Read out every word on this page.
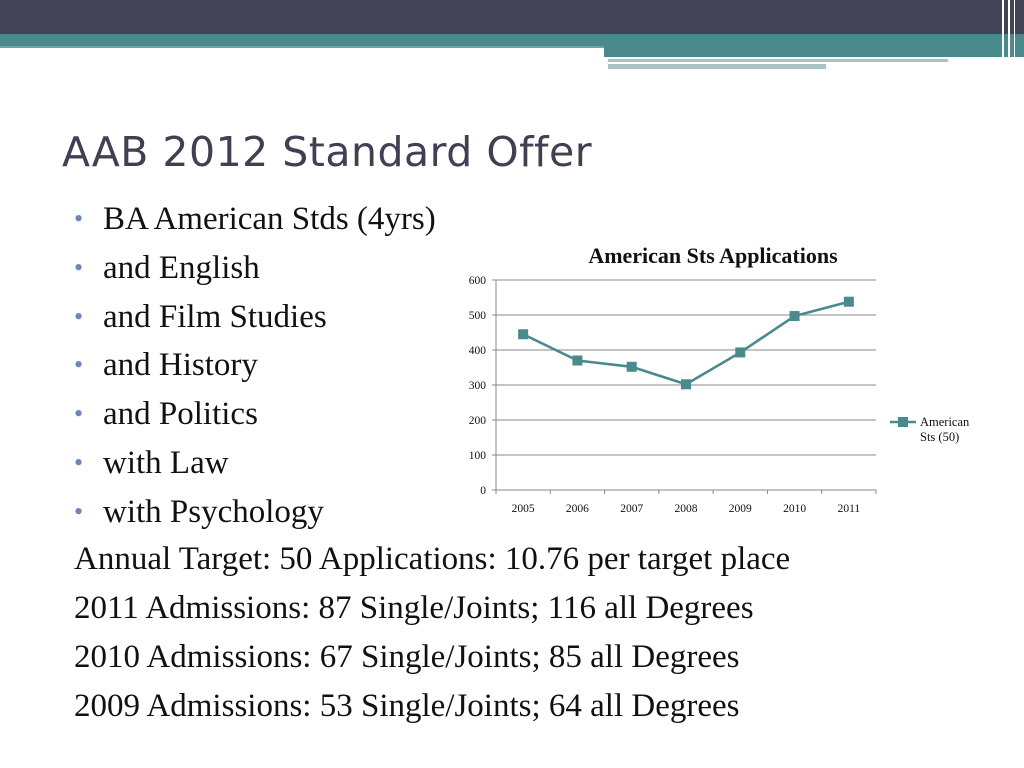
AAB 2012 Standard Offer
• BA American Stds (4yrs)
• and English
• and Film Studies
• and History
• and Politics
• with Law
• with Psychology
Annual Target: 50 Applications: 10.76 per target place
2011 Admissions: 87 Single/Joints; 116 all Degrees
2010 Admissions: 67 Single/Joints; 85 all Degrees
2009 Admissions: 53 Single/Joints; 64 all Degrees
American Sts Applications
0
100
200
300
400
500
600
2005	2006	2007	2008	2009	2010	2011
American Sts (50)
